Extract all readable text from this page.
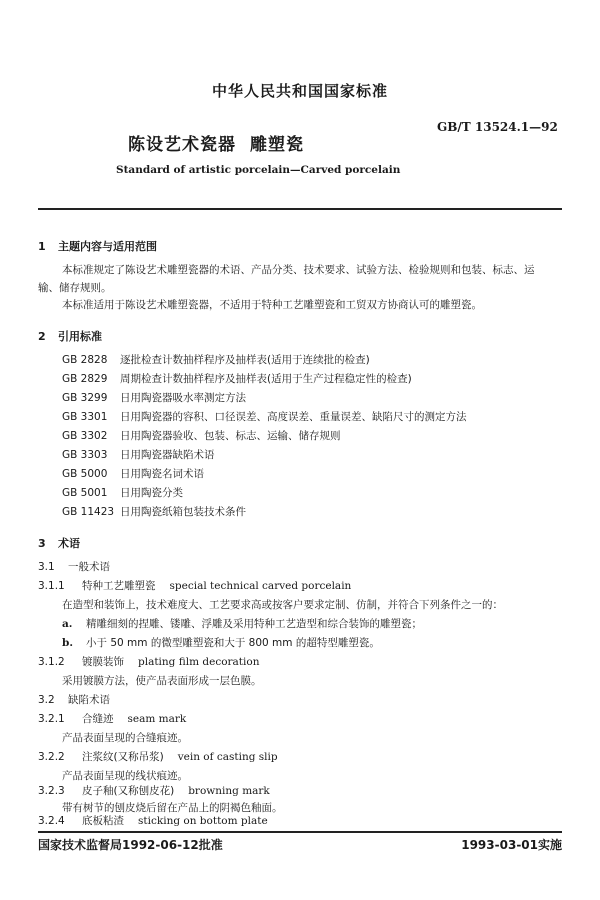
中华人民共和国国家标准
GB/T 13524.1—92
陈设艺术瓷器 雕塑瓷
Standard of artistic porcelain—Carved porcelain
1 主题内容与适用范围
本标准规定了陈设艺术雕塑瓷器的术语、产品分类、技术要求、试验方法、检验规则和包装、标志、运
输、储存规则。
本标准适用于陈设艺术雕塑瓷器，不适用于特种工艺雕塑瓷和工贸双方协商认可的雕塑瓷。
2 引用标准
GB 2828 逐批检查计数抽样程序及抽样表(适用于连续批的检查)
GB 2829 周期检查计数抽样程序及抽样表(适用于生产过程稳定性的检查)
GB 3299 日用陶瓷器吸水率测定方法
GB 3301 日用陶瓷器的容积、口径误差、高度误差、重量误差、缺陷尺寸的测定方法
GB 3302 日用陶瓷器验收、包装、标志、运输、储存规则
GB 3303 日用陶瓷器缺陷术语
GB 5000 日用陶瓷名词术语
GB 5001 日用陶瓷分类
GB 11423 日用陶瓷纸箱包装技术条件
3 术语
3.1 一般术语
3.1.1 特种工艺雕塑瓷 special technical carved porcelain
在造型和装饰上，技术难度大、工艺要求高或按客户要求定制、仿制，并符合下列条件之一的：
a. 精雕细刻的捏雕、镂雕、浮雕及采用特种工艺造型和综合装饰的雕塑瓷；
b. 小于 50 mm 的微型雕塑瓷和大于 800 mm 的超特型雕塑瓷。
3.1.2 镀膜装饰 plating film decoration
采用镀膜方法，使产品表面形成一层色膜。
3.2 缺陷术语
3.2.1 合缝迹 seam mark
产品表面呈现的合缝痕迹。
3.2.2 注浆纹(又称吊浆) vein of casting slip
产品表面呈现的线状痕迹。
3.2.3 皮子釉(又称刨皮花) browning mark
带有树节的刨皮烧后留在产品上的阴褐色釉面。
国家技术监督局1992-06-12批准	1993-03-01实施
3.2.4 底板粘渣 sticking on bottom plate
